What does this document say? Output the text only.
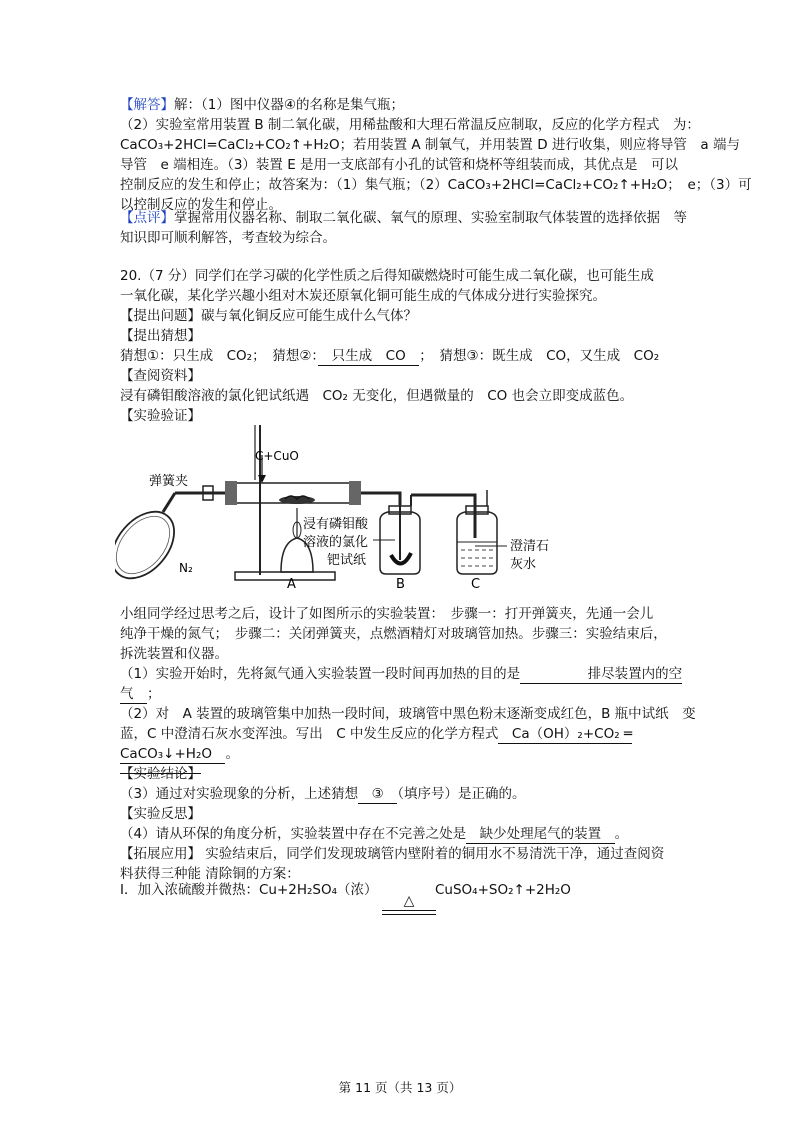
【解答】解：（1）图中仪器④的名称是集气瓶；
（2）实验室常用装置 B 制二氧化碳，用稀盐酸和大理石常温反应制取，反应的化学方程式　为：
CaCO₃+2HCl=CaCl₂+CO₂↑+H₂O；若用装置 A 制氧气，并用装置 D 进行收集，则应将导管　a 端与
导管　e 端相连。（3）装置 E 是用一支底部有小孔的试管和烧杯等组装而成，其优点是　可以
控制反应的发生和停止；故答案为：（1）集气瓶；（2）CaCO₃+2HCl=CaCl₂+CO₂↑+H₂O；　e；（3）可
以控制反应的发生和停止。
【点评】掌握常用仪器名称、制取二氧化碳、氧气的原理、实验室制取气体装置的选择依据　等
知识即可顺利解答，考查较为综合。
20.（7 分）同学们在学习碳的化学性质之后得知碳燃烧时可能生成二氧化碳，也可能生成
一氧化碳，某化学兴趣小组对木炭还原氧化铜可能生成的气体成分进行实验探究。
【提出问题】碳与氧化铜反应可能生成什么气体？
【提出猜想】
猜想①：只生成　CO₂；　猜想②：　只生成　CO　；　猜想③：既生成　CO，又生成　CO₂
【查阅资料】
浸有磷钼酸溶液的氯化钯试纸遇　CO₂ 无变化，但遇微量的　CO 也会立即变成蓝色。
【实验验证】
弹簧夹
C+CuO
浸有磷钼酸
溶液的氯化
钯试纸
澄清石
灰水
N₂
A	B	C
小组同学经过思考之后，设计了如图所示的实验装置：　步骤一：打开弹簧夹，先通一会儿
纯净干燥的氮气；　步骤二：关闭弹簧夹，点燃酒精灯对玻璃管加热。步骤三：实验结束后，
拆洗装置和仪器。
（1）实验开始时，先将氮气通入实验装置一段时间再加热的目的是　　　　　排尽装置内的空
气　；
（2）对　A 装置的玻璃管集中加热一段时间，玻璃管中黑色粉末逐渐变成红色，B 瓶中试纸　变
蓝，C 中澄清石灰水变浑浊。写出　C 中发生反应的化学方程式　Ca（OH）₂+CO₂ ═
CaCO₃↓+H₂O　。
【实验结论】
（3）通过对实验现象的分析，上述猜想　③　（填序号）是正确的。
【实验反思】
（4）请从环保的角度分析，实验装置中存在不完善之处是　缺少处理尾气的装置　。
【拓展应用】 实验结束后，同学们发现玻璃管内壁附着的铜用水不易清洗干净，通过查阅资
料获得三种能 清除铜的方案：
Ⅰ．加入浓硫酸并微热：Cu+2H₂SO₄（浓）	CuSO₄+SO₂↑+2H₂O
△
第 11 页（共 13 页）
